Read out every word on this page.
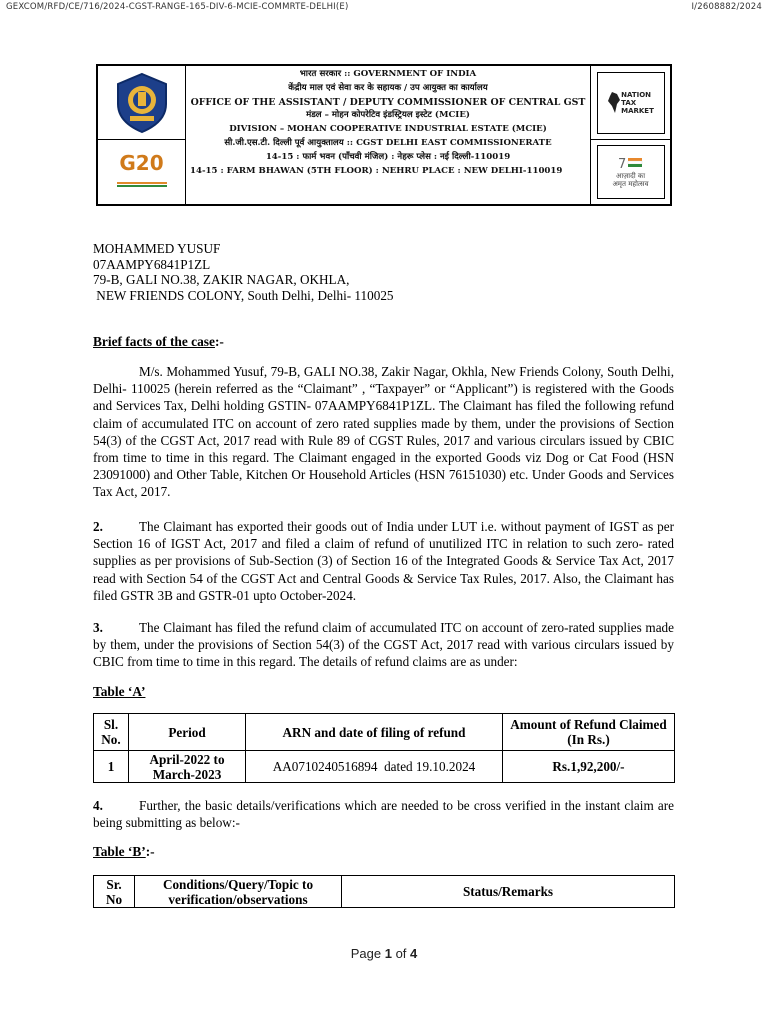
GEXCOM/RFD/CE/716/2024-CGST-RANGE-165-DIV-6-MCIE-COMMRTE-DELHI(E)	I/2608882/2024
G20
भारत सरकार :: GOVERNMENT OF INDIA
केंद्रीय माल एवं सेवा कर के सहायक / उप आयुक्त का कार्यालय
OFFICE OF THE ASSISTANT / DEPUTY COMMISSIONER OF CENTRAL GST
मंडल – मोहन कोपरेटिव इंडस्ट्रियल इस्टेट (MCIE)
DIVISION – MOHAN COOPERATIVE INDUSTRIAL ESTATE (MCIE)
सी.जी.एस.टी. दिल्ली पूर्व आयुक्तालय :: CGST DELHI EAST COMMISSIONERATE
14-15 : फार्म भवन (पाँचवी मंजिल) : नेहरू प्लेस : नई दिल्ली-110019
14-15 : FARM BHAWAN (5TH FLOOR) : NEHRU PLACE : NEW DELHI-110019
NATION
TAX
MARKET
7
आज़ादी का
अमृत महोत्सव
MOHAMMED YUSUF
07AAMPY6841P1ZL
79-B, GALI NO.38, ZAKIR NAGAR, OKHLA,
NEW FRIENDS COLONY, South Delhi, Delhi- 110025
Brief facts of the case:-

M/s. Mohammed Yusuf, 79-B, GALI NO.38, Zakir Nagar, Okhla, New Friends Colony, South Delhi, Delhi- 110025 (herein referred as the “Claimant” , “Taxpayer” or “Applicant”) is registered with the Goods and Services Tax, Delhi holding GSTIN- 07AAMPY6841P1ZL. The Claimant has filed the following refund claim of accumulated ITC on account of zero rated supplies made by them, under the provisions of Section 54(3) of the CGST Act, 2017 read with Rule 89 of CGST Rules, 2017 and various circulars issued by CBIC from time to time in this regard. The Claimant engaged in the exported Goods viz Dog or Cat Food (HSN 23091000) and Other Table, Kitchen Or Household Articles (HSN 76151030) etc. Under Goods and Services Tax Act, 2017.

2.	The Claimant has exported their goods out of India under LUT i.e. without payment of IGST as per Section 16 of IGST Act, 2017 and filed a claim of refund of unutilized ITC in relation to such zero- rated supplies as per provisions of Sub-Section (3) of Section 16 of the Integrated Goods & Service Tax Act, 2017 read with Section 54 of the CGST Act and Central Goods & Service Tax Rules, 2017. Also, the Claimant has filed GSTR 3B and GSTR-01 upto October-2024.

3.	The Claimant has filed the refund claim of accumulated ITC on account of zero-rated supplies made by them, under the provisions of Section 54(3) of the CGST Act, 2017 read with various circulars issued by CBIC from time to time in this regard. The details of refund claims are as under:

Table ‘A’
Sl. No.	Period	ARN and date of filing of refund	Amount of Refund Claimed (In Rs.)
1	April-2022 to March-2023	AA0710240516894  dated 19.10.2024	Rs.1,92,200/-

4.	Further, the basic details/verifications which are needed to be cross verified in the instant claim are being submitting as below:-

Table ‘B’:-
Sr. No	Conditions/Query/Topic to verification/observations	Status/Remarks
Page 1 of 4
